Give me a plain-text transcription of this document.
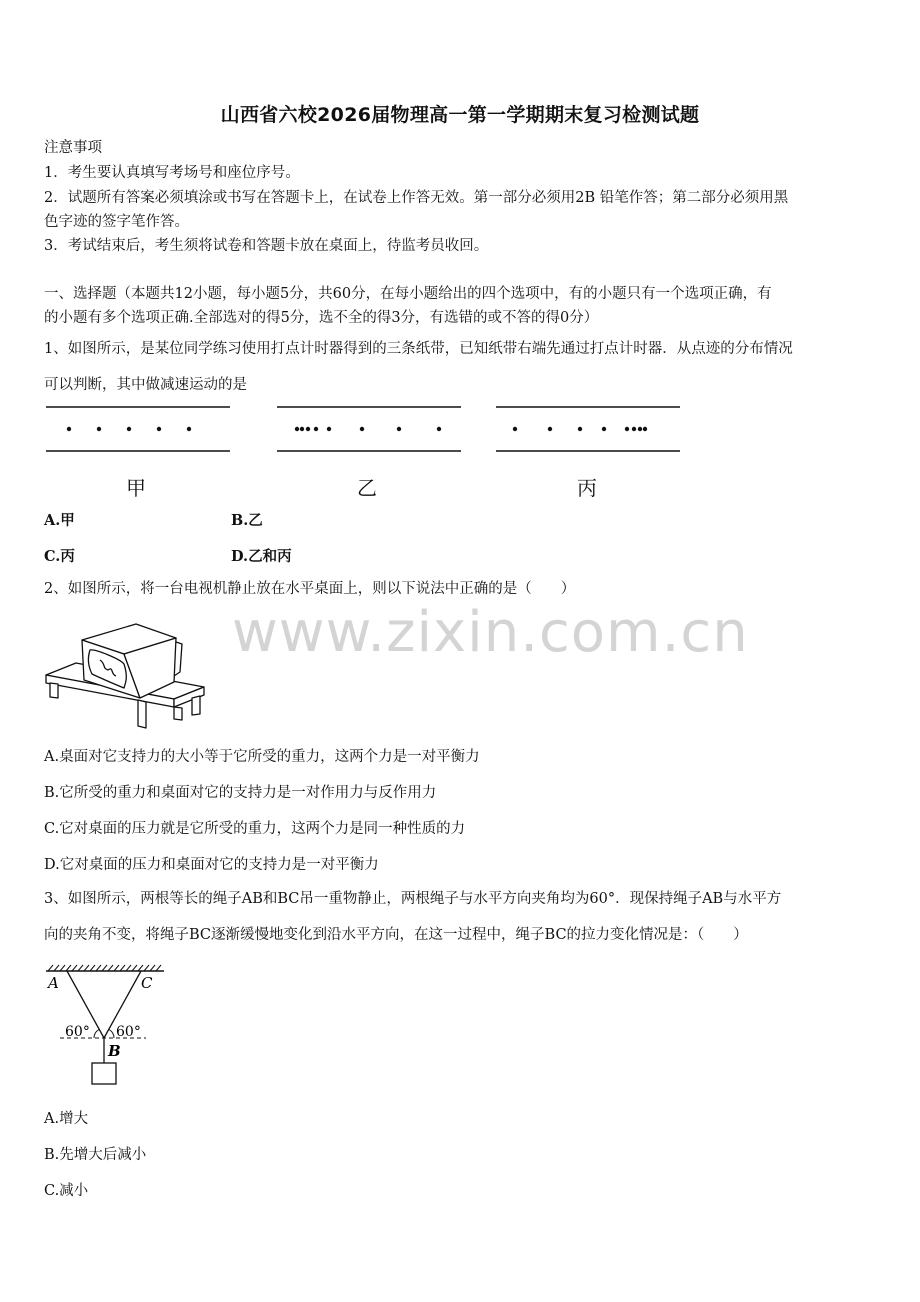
山西省六校2026届物理高一第一学期期末复习检测试题
注意事项
1．考生要认真填写考场号和座位序号。
2．试题所有答案必须填涂或书写在答题卡上，在试卷上作答无效。第一部分必须用2B 铅笔作答；第二部分必须用黑
色字迹的签字笔作答。
3．考试结束后，考生须将试卷和答题卡放在桌面上，待监考员收回。
一、选择题（本题共12小题，每小题5分，共60分，在每小题给出的四个选项中，有的小题只有一个选项正确，有
的小题有多个选项正确.全部选对的得5分，选不全的得3分，有选错的或不答的得0分）
1、如图所示，是某位同学练习使用打点计时器得到的三条纸带，已知纸带右端先通过打点计时器．从点迹的分布情况
可以判断，其中做减速运动的是
甲	乙	丙
A.甲	B.乙
C.丙	D.乙和丙
2、如图所示，将一台电视机静止放在水平桌面上，则以下说法中正确的是（　　）
www.zixin.com.cn
A.桌面对它支持力的大小等于它所受的重力，这两个力是一对平衡力
B.它所受的重力和桌面对它的支持力是一对作用力与反作用力
C.它对桌面的压力就是它所受的重力，这两个力是同一种性质的力
D.它对桌面的压力和桌面对它的支持力是一对平衡力
3、如图所示，两根等长的绳子AB和BC吊一重物静止，两根绳子与水平方向夹角均为60°．现保持绳子AB与水平方
向的夹角不变，将绳子BC逐渐缓慢地变化到沿水平方向，在这一过程中，绳子BC的拉力变化情况是：（　　）
A	C
60° 60°
B
A.增大
B.先增大后减小
C.减小
